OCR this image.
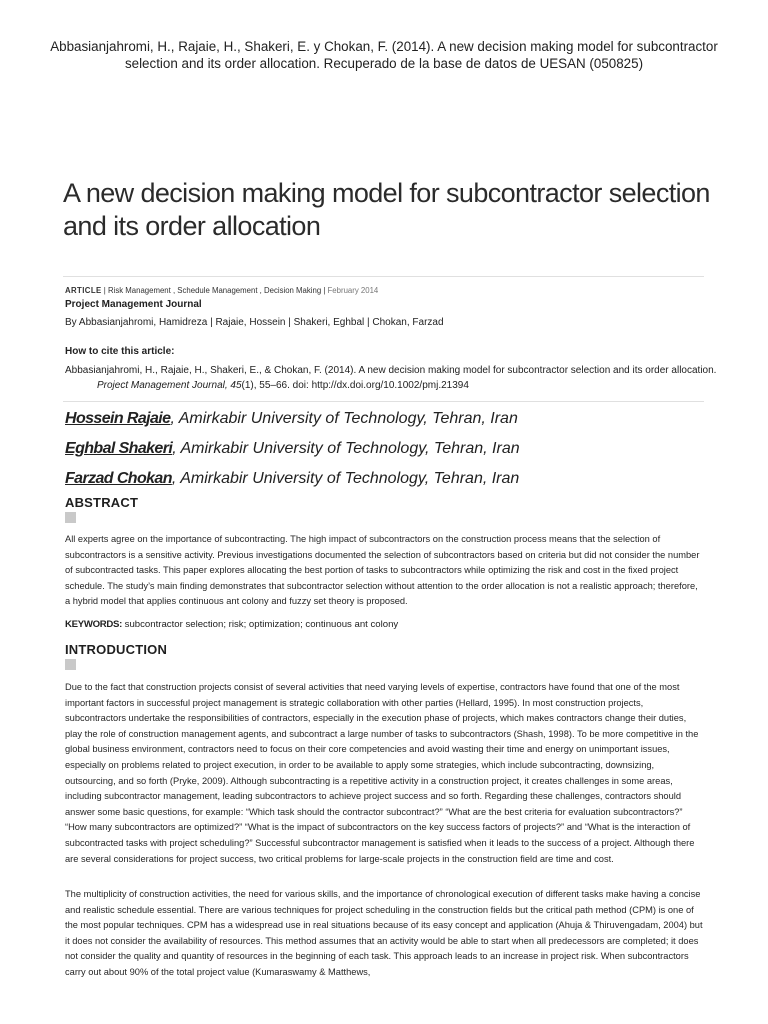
Abbasianjahromi, H., Rajaie, H., Shakeri, E. y Chokan, F. (2014). A new decision making model for subcontractor selection and its order allocation. Recuperado de la base de datos de UESAN (050825)
A new decision making model for subcontractor selection and its order allocation
ARTICLE | Risk Management , Schedule Management , Decision Making | February 2014
Project Management Journal
By Abbasianjahromi, Hamidreza | Rajaie, Hossein | Shakeri, Eghbal | Chokan, Farzad
How to cite this article:
Abbasianjahromi, H., Rajaie, H., Shakeri, E., & Chokan, F. (2014). A new decision making model for subcontractor selection and its order allocation. Project Management Journal, 45(1), 55–66. doi: http://dx.doi.org/10.1002/pmj.21394
Hossein Rajaie, Amirkabir University of Technology, Tehran, Iran
Eghbal Shakeri, Amirkabir University of Technology, Tehran, Iran
Farzad Chokan, Amirkabir University of Technology, Tehran, Iran
ABSTRACT
All experts agree on the importance of subcontracting. The high impact of subcontractors on the construction process means that the selection of subcontractors is a sensitive activity. Previous investigations documented the selection of subcontractors based on criteria but did not consider the number of subcontracted tasks. This paper explores allocating the best portion of tasks to subcontractors while optimizing the risk and cost in the fixed project schedule. The study’s main finding demonstrates that subcontractor selection without attention to the order allocation is not a realistic approach; therefore, a hybrid model that applies continuous ant colony and fuzzy set theory is proposed.
KEYWORDS: subcontractor selection; risk; optimization; continuous ant colony
INTRODUCTION
Due to the fact that construction projects consist of several activities that need varying levels of expertise, contractors have found that one of the most important factors in successful project management is strategic collaboration with other parties (Hellard, 1995). In most construction projects, subcontractors undertake the responsibilities of contractors, especially in the execution phase of projects, which makes contractors change their duties, play the role of construction management agents, and subcontract a large number of tasks to subcontractors (Shash, 1998). To be more competitive in the global business environment, contractors need to focus on their core competencies and avoid wasting their time and energy on unimportant issues, especially on problems related to project execution, in order to be available to apply some strategies, which include subcontracting, downsizing, outsourcing, and so forth (Pryke, 2009). Although subcontracting is a repetitive activity in a construction project, it creates challenges in some areas, including subcontractor management, leading subcontractors to achieve project success and so forth. Regarding these challenges, contractors should answer some basic questions, for example: “Which task should the contractor subcontract?” “What are the best criteria for evaluation subcontractors?” “How many subcontractors are optimized?” “What is the impact of subcontractors on the key success factors of projects?” and “What is the interaction of subcontracted tasks with project scheduling?” Successful subcontractor management is satisfied when it leads to the success of a project. Although there are several considerations for project success, two critical problems for large-scale projects in the construction field are time and cost.
The multiplicity of construction activities, the need for various skills, and the importance of chronological execution of different tasks make having a concise and realistic schedule essential. There are various techniques for project scheduling in the construction fields but the critical path method (CPM) is one of the most popular techniques. CPM has a widespread use in real situations because of its easy concept and application (Ahuja & Thiruvengadam, 2004) but it does not consider the availability of resources. This method assumes that an activity would be able to start when all predecessors are completed; it does not consider the quality and quantity of resources in the beginning of each task. This approach leads to an increase in project risk. When subcontractors carry out about 90% of the total project value (Kumaraswamy & Matthews,
